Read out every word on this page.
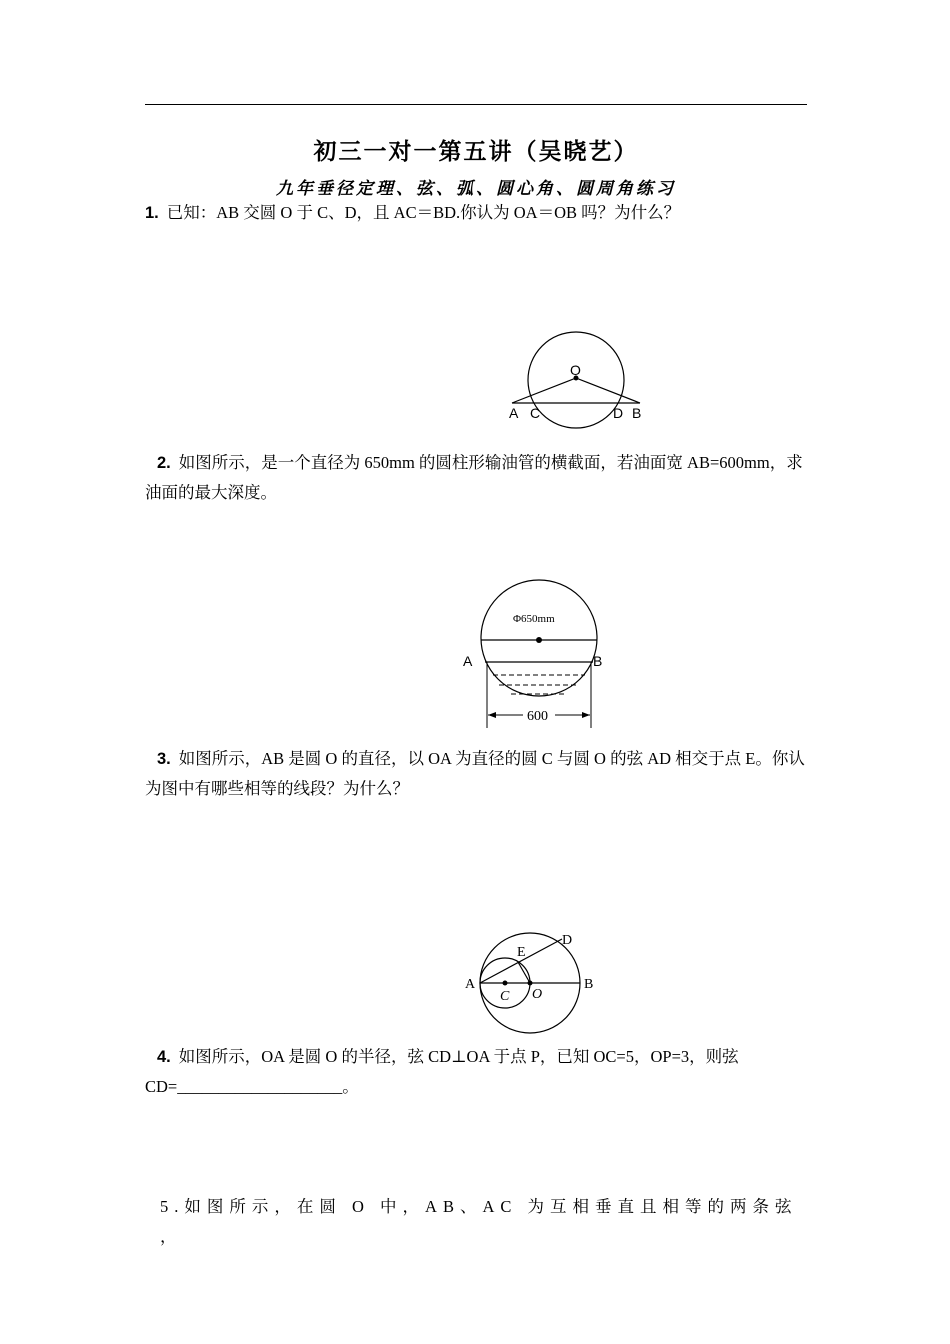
初三一对一第五讲（吴晓艺）
九年垂径定理、弦、弧、圆心角、圆周角练习
1. 已知：AB 交圆 O 于 C、D，且 AC＝BD.你认为 OA＝OB 吗？为什么？
O
A C	D B
2. 如图所示，是一个直径为 650mm 的圆柱形输油管的横截面，若油面宽 AB=600mm，求油面的最大深度。
Φ650mm
A	B
600
3. 如图所示，AB 是圆 O 的直径，以 OA 为直径的圆 C 与圆 O 的弦 AD 相交于点 E。你认为图中有哪些相等的线段？为什么？
D
E
A
C O
B
4. 如图所示，OA 是圆 O 的半径，弦 CD⊥OA 于点 P，已知 OC=5，OP=3，则弦 CD=____________________。
5.如图所示，在圆 O 中，AB、AC 为互相垂直且相等的两条弦 ，
